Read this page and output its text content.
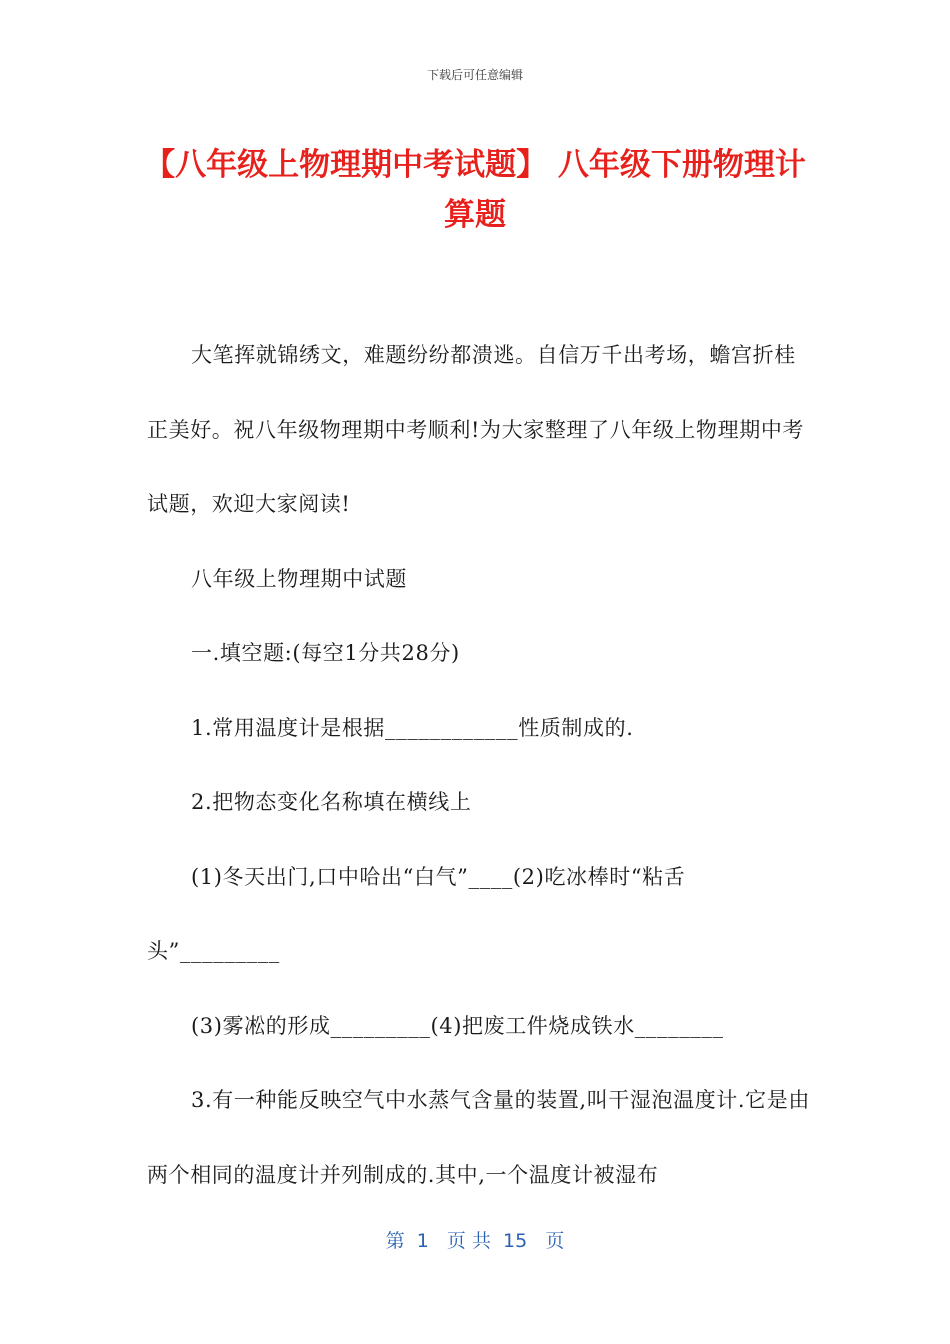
下载后可任意编辑
【八年级上物理期中考试题】 八年级下册物理计算题

大笔挥就锦绣文，难题纷纷都溃逃。自信万千出考场，蟾宫折桂正美好。祝八年级物理期中考顺利!为大家整理了八年级上物理期中考试题，欢迎大家阅读!

八年级上物理期中试题

一.填空题:(每空1分共28分)

1.常用温度计是根据____________性质制成的.

2.把物态变化名称填在横线上

(1)冬天出门,口中哈出“白气”____(2)吃冰棒时“粘舌头”_________

(3)雾凇的形成_________(4)把废工件烧成铁水________

3.有一种能反映空气中水蒸气含量的装置,叫干湿泡温度计.它是由两个相同的温度计并列制成的.其中,一个温度计被湿布

第  1   页 共  15   页
